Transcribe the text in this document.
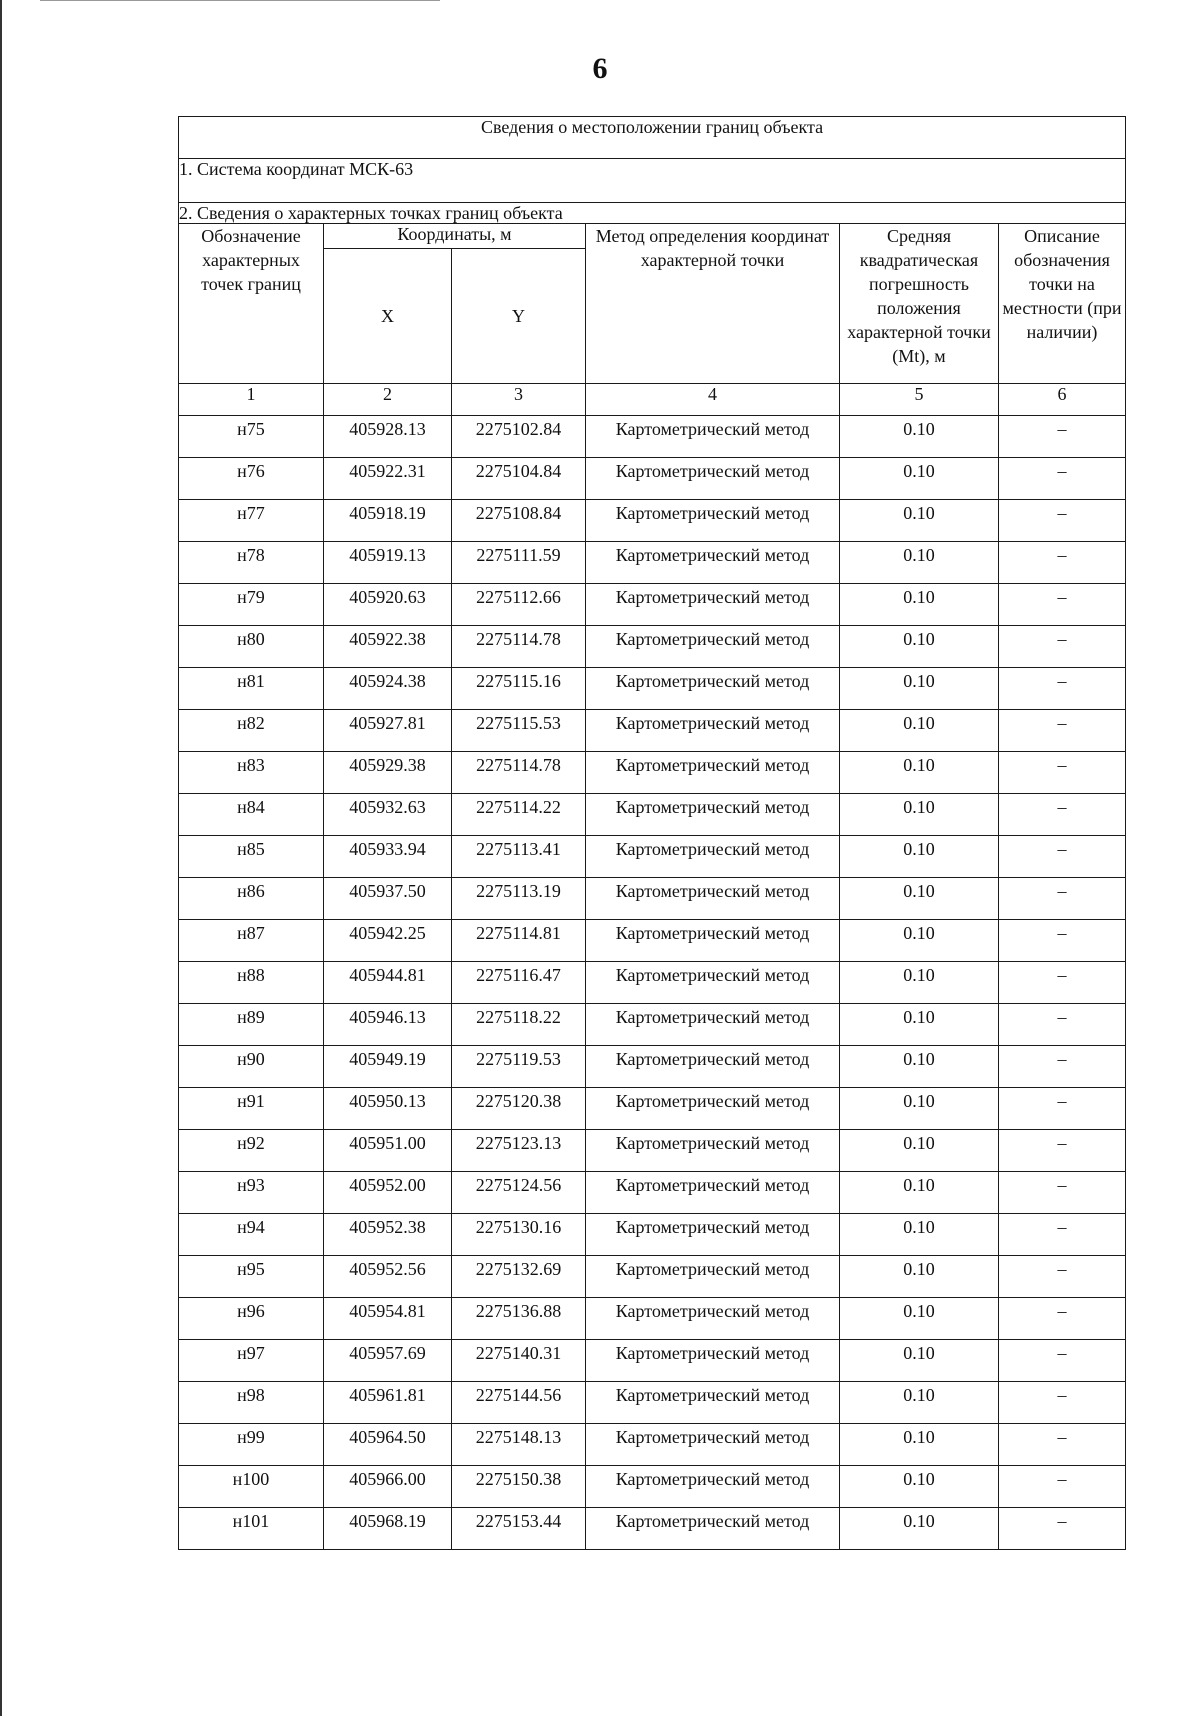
6
Сведения о местоположении границ объекта					
1. Система координат МСК-63					
2. Сведения о характерных точках границ объекта					
Обозначение характерных точек границ	Координаты, м		Метод определения координат характерной точки	Средняя квадратическая погрешность положения характерной точки (Mt), м	Описание обозначения точки на местности (при наличии)
	X	Y			
1	2	3	4	5	6
н75	405928.13	2275102.84	Картометрический метод	0.10	–
н76	405922.31	2275104.84	Картометрический метод	0.10	–
н77	405918.19	2275108.84	Картометрический метод	0.10	–
н78	405919.13	2275111.59	Картометрический метод	0.10	–
н79	405920.63	2275112.66	Картометрический метод	0.10	–
н80	405922.38	2275114.78	Картометрический метод	0.10	–
н81	405924.38	2275115.16	Картометрический метод	0.10	–
н82	405927.81	2275115.53	Картометрический метод	0.10	–
н83	405929.38	2275114.78	Картометрический метод	0.10	–
н84	405932.63	2275114.22	Картометрический метод	0.10	–
н85	405933.94	2275113.41	Картометрический метод	0.10	–
н86	405937.50	2275113.19	Картометрический метод	0.10	–
н87	405942.25	2275114.81	Картометрический метод	0.10	–
н88	405944.81	2275116.47	Картометрический метод	0.10	–
н89	405946.13	2275118.22	Картометрический метод	0.10	–
н90	405949.19	2275119.53	Картометрический метод	0.10	–
н91	405950.13	2275120.38	Картометрический метод	0.10	–
н92	405951.00	2275123.13	Картометрический метод	0.10	–
н93	405952.00	2275124.56	Картометрический метод	0.10	–
н94	405952.38	2275130.16	Картометрический метод	0.10	–
н95	405952.56	2275132.69	Картометрический метод	0.10	–
н96	405954.81	2275136.88	Картометрический метод	0.10	–
н97	405957.69	2275140.31	Картометрический метод	0.10	–
н98	405961.81	2275144.56	Картометрический метод	0.10	–
н99	405964.50	2275148.13	Картометрический метод	0.10	–
н100	405966.00	2275150.38	Картометрический метод	0.10	–
н101	405968.19	2275153.44	Картометрический метод	0.10	–
